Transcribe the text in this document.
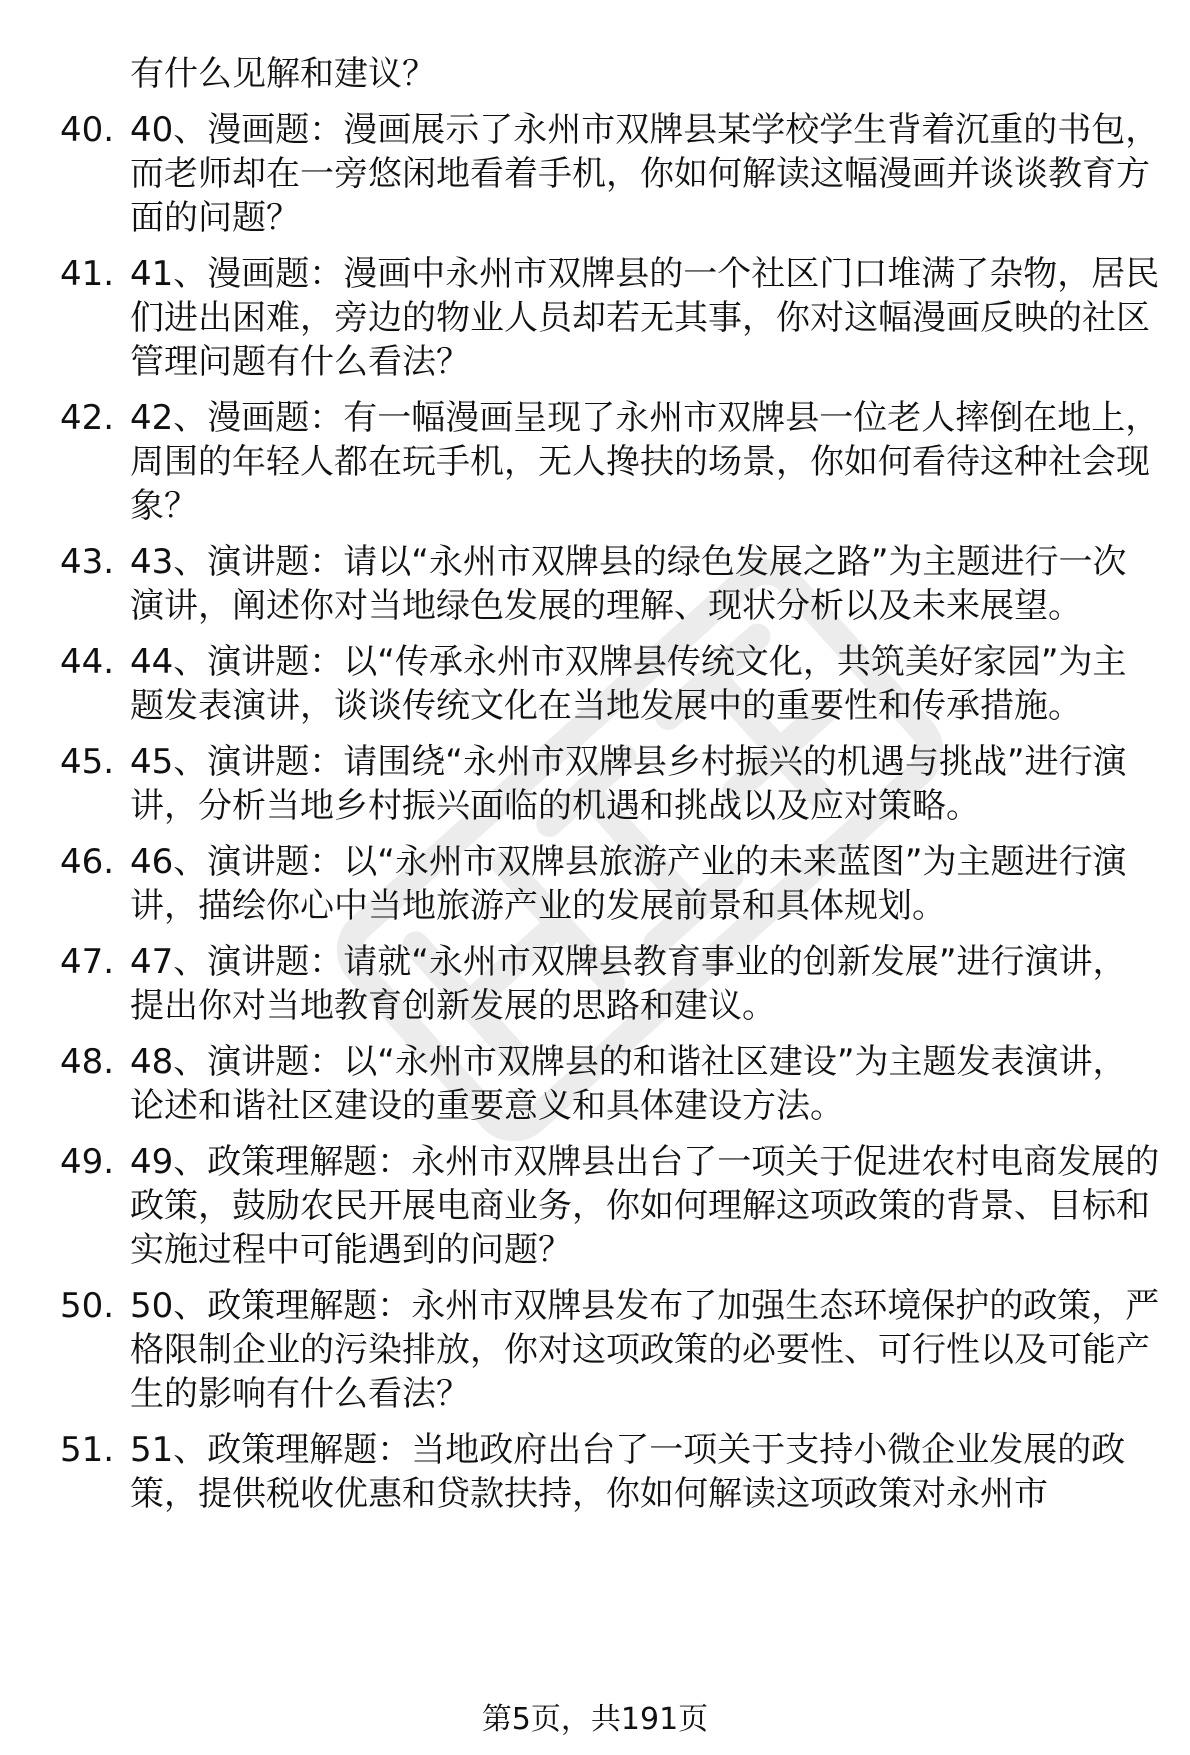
有什么见解和建议？

40. 40、漫画题：漫画展示了永州市双牌县某学校学生背着沉重的书包，而老师却在一旁悠闲地看着手机，你如何解读这幅漫画并谈谈教育方面的问题？
41. 41、漫画题：漫画中永州市双牌县的一个社区门口堆满了杂物，居民们进出困难，旁边的物业人员却若无其事，你对这幅漫画反映的社区管理问题有什么看法？
42. 42、漫画题：有一幅漫画呈现了永州市双牌县一位老人摔倒在地上，周围的年轻人都在玩手机，无人搀扶的场景，你如何看待这种社会现象？
43. 43、演讲题：请以“永州市双牌县的绿色发展之路”为主题进行一次演讲，阐述你对当地绿色发展的理解、现状分析以及未来展望。
44. 44、演讲题：以“传承永州市双牌县传统文化，共筑美好家园”为主题发表演讲，谈谈传统文化在当地发展中的重要性和传承措施。
45. 45、演讲题：请围绕“永州市双牌县乡村振兴的机遇与挑战”进行演讲，分析当地乡村振兴面临的机遇和挑战以及应对策略。
46. 46、演讲题：以“永州市双牌县旅游产业的未来蓝图”为主题进行演讲，描绘你心中当地旅游产业的发展前景和具体规划。
47. 47、演讲题：请就“永州市双牌县教育事业的创新发展”进行演讲，提出你对当地教育创新发展的思路和建议。
48. 48、演讲题：以“永州市双牌县的和谐社区建设”为主题发表演讲，论述和谐社区建设的重要意义和具体建设方法。
49. 49、政策理解题：永州市双牌县出台了一项关于促进农村电商发展的政策，鼓励农民开展电商业务，你如何理解这项政策的背景、目标和实施过程中可能遇到的问题？
50. 50、政策理解题：永州市双牌县发布了加强生态环境保护的政策，严格限制企业的污染排放，你对这项政策的必要性、可行性以及可能产生的影响有什么看法？
51. 51、政策理解题：当地政府出台了一项关于支持小微企业发展的政策，提供税收优惠和贷款扶持，你如何解读这项政策对永州市
第5页，共191页
